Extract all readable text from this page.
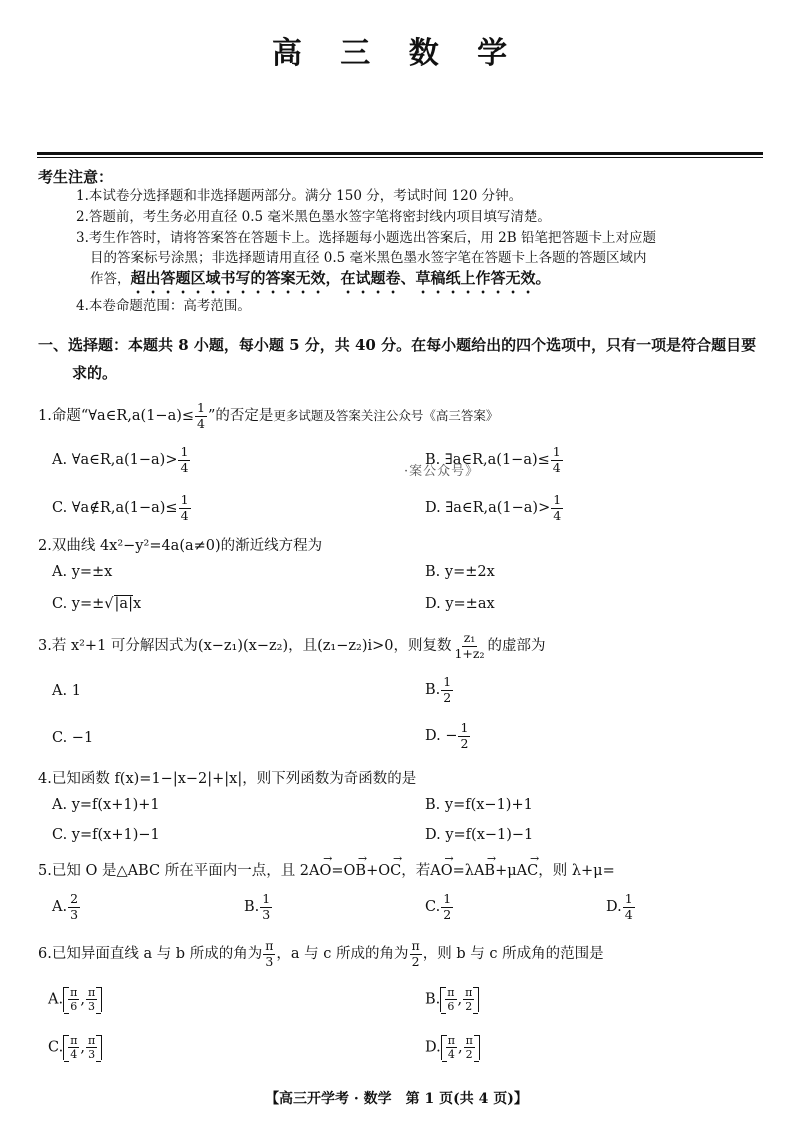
高 三 数 学
考生注意：
1.本试卷分选择题和非选择题两部分。满分 150 分，考试时间 120 分钟。
2.答题前，考生务必用直径 0.5 毫米黑色墨水签字笔将密封线内项目填写清楚。
3.考生作答时，请将答案答在答题卡上。选择题每小题选出答案后，用 2B 铅笔把答题卡上对应题
目的答案标号涂黑；非选择题请用直径 0.5 毫米黑色墨水签字笔在答题卡上各题的答题区域内
作答，超出答题区域书写的答案无效，在试题卷、草稿纸上作答无效。
4.本卷命题范围：高考范围。
一、选择题：本题共 8 小题，每小题 5 分，共 40 分。在每小题给出的四个选项中，只有一项是符合题目要
求的。
1.命题“∀a∈R,a(1−a)≤ $\frac{1}{4}$ ”的否定是更多试题及答案关注公众号《高三答案》
A. ∀a∈R,a(1−a)> $\frac{1}{4}$	B. ∃a∈R,a(1−a)≤ $\frac{1}{4}$
·案公众号》
C. ∀a∉R,a(1−a)≤ $\frac{1}{4}$	D. ∃a∈R,a(1−a)> $\frac{1}{4}$
2.双曲线 4x²−y²=4a(a≠0)的渐近线方程为
A. y=±x	B. y=±2x
C. y=±√|a|x	D. y=±ax
3.若 x²+1 可分解因式为(x−z₁)(x−z₂)，且(z₁−z₂)i>0，则复数 $\frac{\text{z₁}}{\text{1+z₂}}$ 的虚部为
A. 1	B. $\frac{1}{2}$
C. −1	D. − $\frac{1}{2}$
4.已知函数 f(x)=1−|x−2|+|x|，则下列函数为奇函数的是
A. y=f(x+1)+1	B. y=f(x−1)+1
C. y=f(x+1)−1	D. y=f(x−1)−1
5.已知 O 是△ABC 所在平面内一点，且 2→ AO=→ OB+→ OC，若→ AO=λ→ AB+μ→ AC，则 λ+μ=
A. $\frac{2}{3}$	B. $\frac{1}{3}$	C. $\frac{1}{2}$	D. $\frac{1}{4}$
6.已知异面直线 a 与 b 所成的角为 $\frac{\pi}{3}$ ，a 与 c 所成的角为 $\frac{\pi}{2}$ ，则 b 与 c 所成角的范围是
A. $\frac{\pi}{6}$ , $\frac{\pi}{3}$	B. $\frac{\pi}{6}$ , $\frac{\pi}{2}$
C. $\frac{\pi}{4}$ , $\frac{\pi}{3}$	D. $\frac{\pi}{4}$ , $\frac{\pi}{2}$
【高三开学考 · 数学　第 1 页(共 4 页)】
